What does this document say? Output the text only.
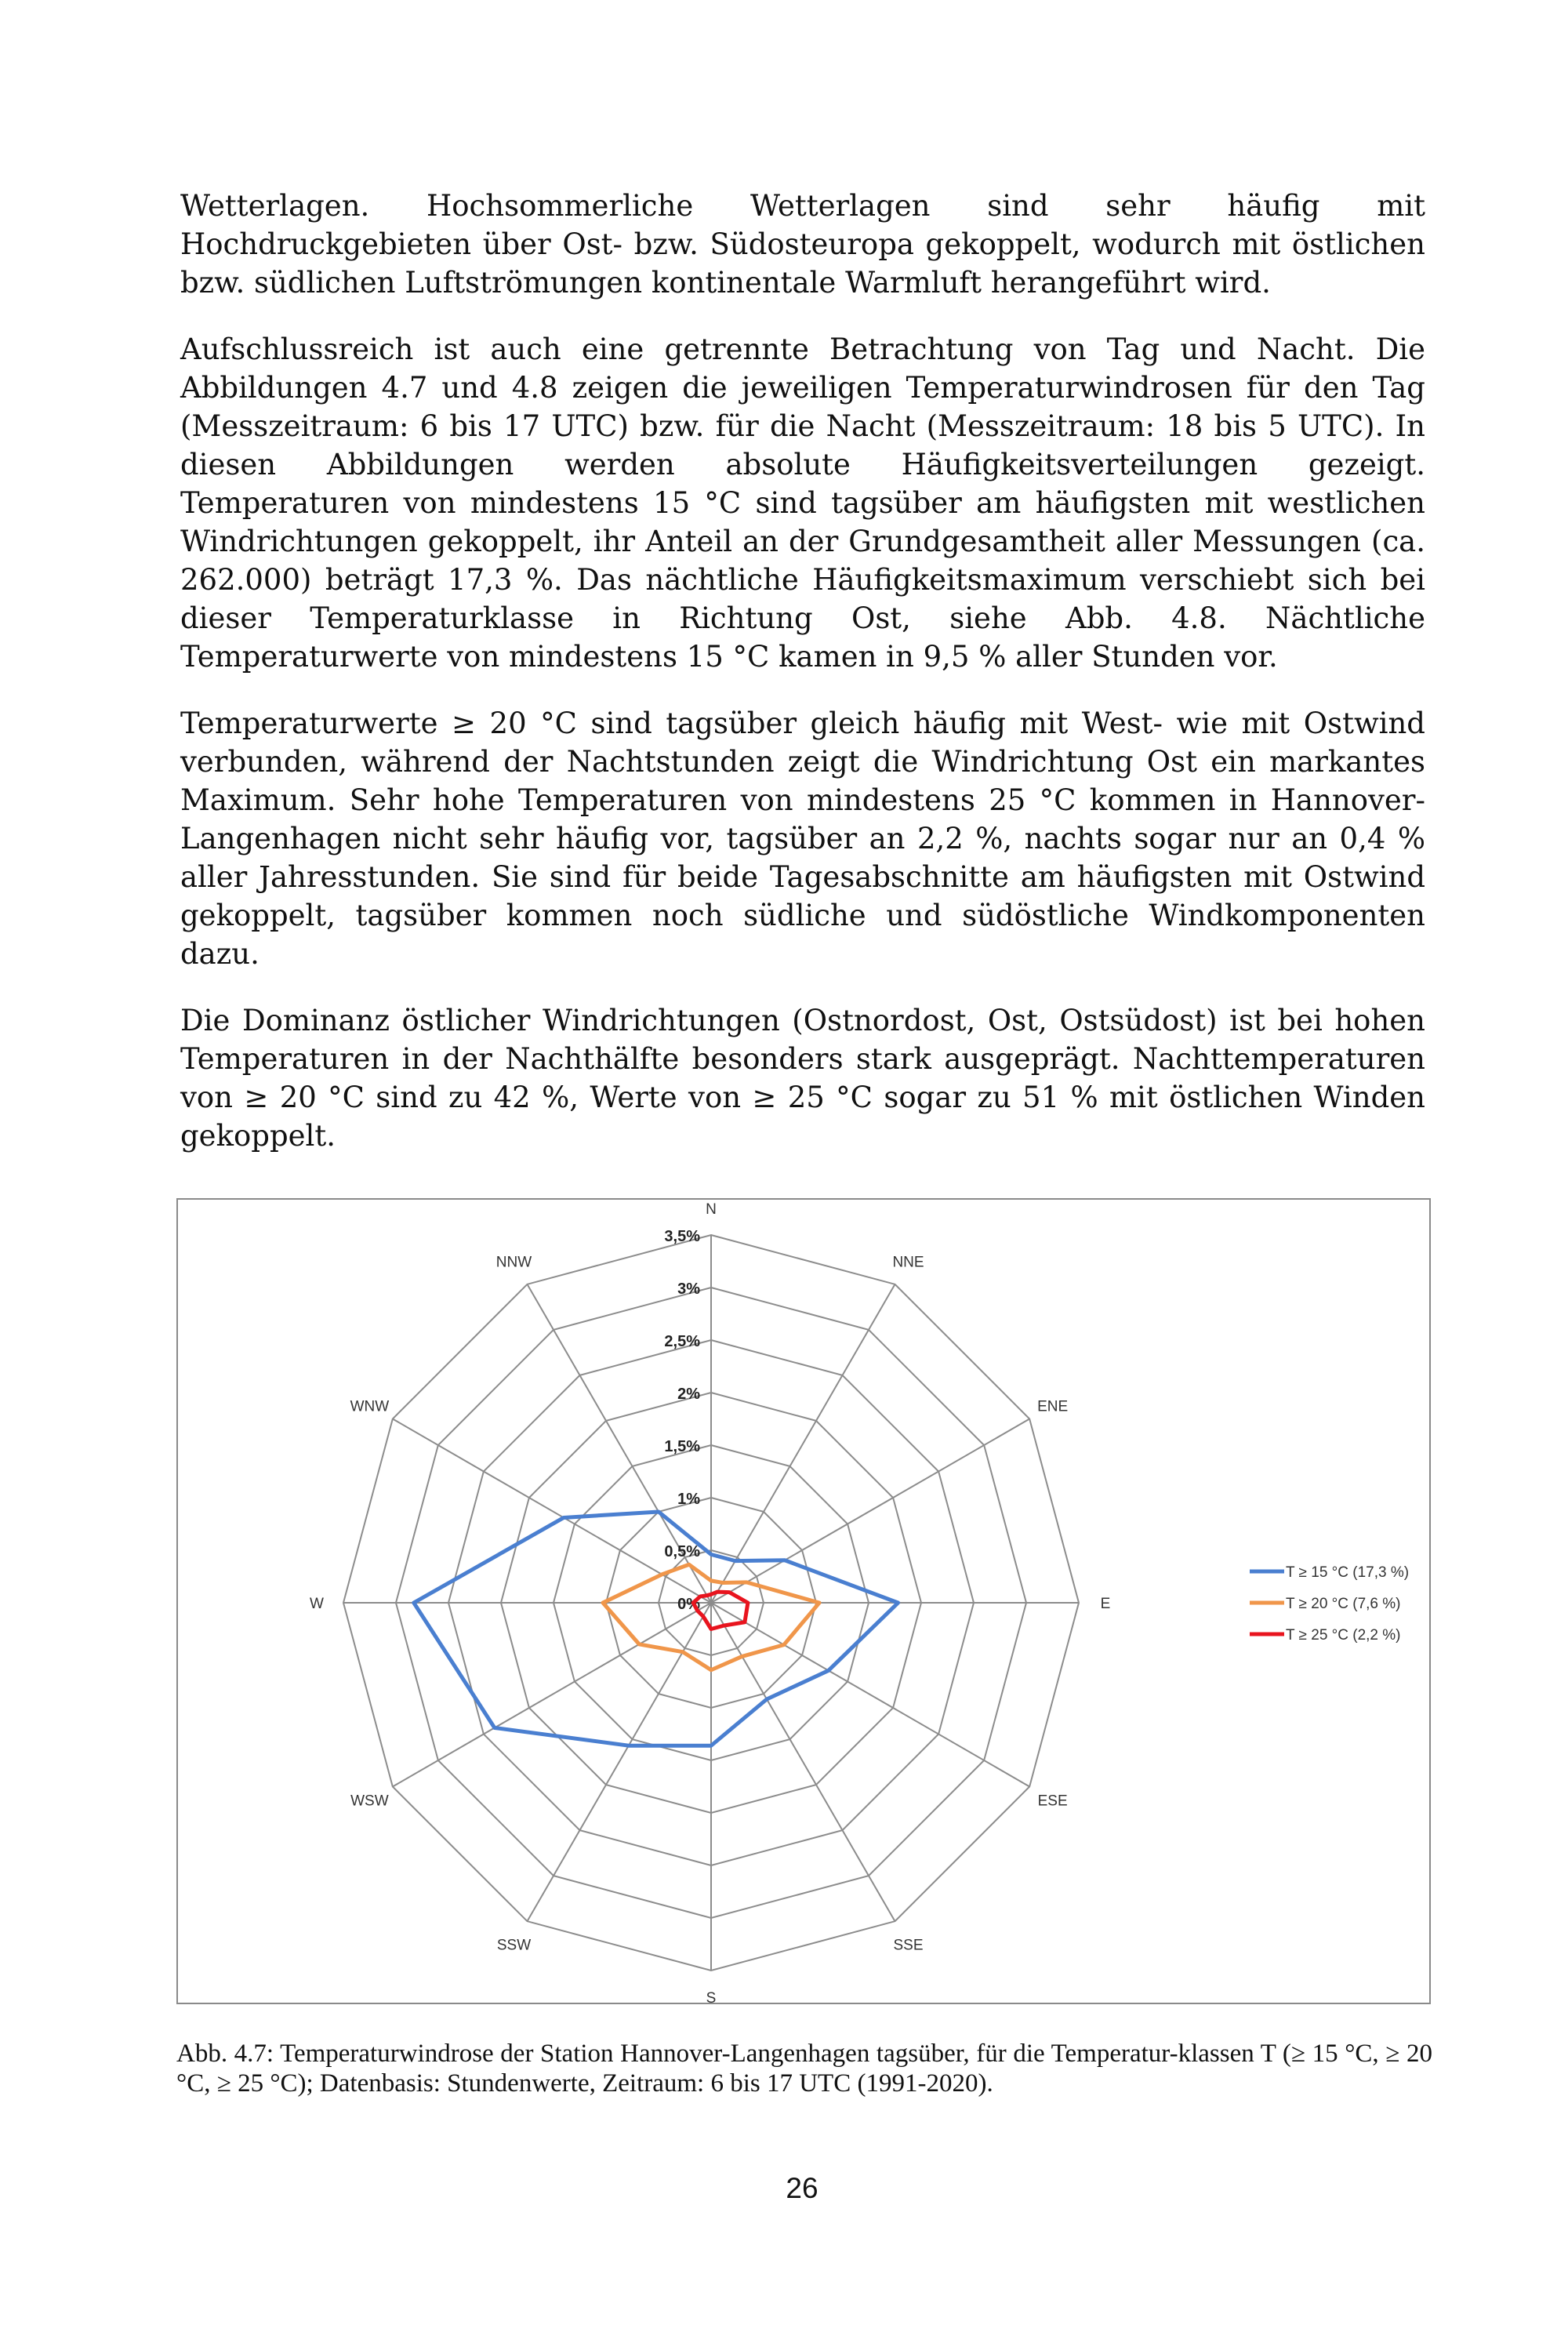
Wetterlagen. Hochsommerliche Wetterlagen sind sehr häufig mit Hochdruckgebieten über Ost- bzw. Südosteuropa gekoppelt, wodurch mit östlichen bzw. südlichen Luftströmungen kontinentale Warmluft herangeführt wird.

Aufschlussreich ist auch eine getrennte Betrachtung von Tag und Nacht. Die Abbildungen 4.7 und 4.8 zeigen die jeweiligen Temperaturwindrosen für den Tag (Messzeitraum: 6 bis 17 UTC) bzw. für die Nacht (Messzeitraum: 18 bis 5 UTC). In diesen Abbildungen werden absolute Häufigkeitsverteilungen gezeigt. Temperaturen von mindestens 15 °C sind tagsüber am häufigsten mit westlichen Windrichtungen gekoppelt, ihr Anteil an der Grundgesamtheit aller Messungen (ca. 262.000) beträgt 17,3 %. Das nächtliche Häufigkeitsmaximum verschiebt sich bei dieser Temperaturklasse in Richtung Ost, siehe Abb. 4.8. Nächtliche Temperaturwerte von mindestens 15 °C kamen in 9,5 % aller Stunden vor.

Temperaturwerte ≥ 20 °C sind tagsüber gleich häufig mit West- wie mit Ostwind verbunden, während der Nachtstunden zeigt die Windrichtung Ost ein markantes Maximum. Sehr hohe Temperaturen von mindestens 25 °C kommen in Hannover-Langenhagen nicht sehr häufig vor, tagsüber an 2,2 %, nachts sogar nur an 0,4 % aller Jahresstunden. Sie sind für beide Tagesabschnitte am häufigsten mit Ostwind gekoppelt, tagsüber kommen noch südliche und südöstliche Windkomponenten dazu.

Die Dominanz östlicher Windrichtungen (Ostnordost, Ost, Ostsüdost) ist bei hohen Temperaturen in der Nachthälfte besonders stark ausgeprägt. Nachttemperaturen von ≥ 20 °C sind zu 42 %, Werte von ≥ 25 °C sogar zu 51 % mit östlichen Winden gekoppelt.

N
NNE
ENE
E
ESE
SSE
S
SSW
WSW
W
WNW
NNW
0%
0,5%
1%
1,5%
2%
2,5%
3%
3,5%
T ≥ 15 °C (17,3 %)
T ≥ 20 °C (7,6 %)
T ≥ 25 °C (2,2 %)
Abb. 4.7: Temperaturwindrose der Station Hannover-Langenhagen tagsüber, für die Temperatur-klassen T (≥ 15 °C, ≥ 20 °C, ≥ 25 °C); Datenbasis: Stundenwerte, Zeitraum: 6 bis 17 UTC (1991-2020).
26
